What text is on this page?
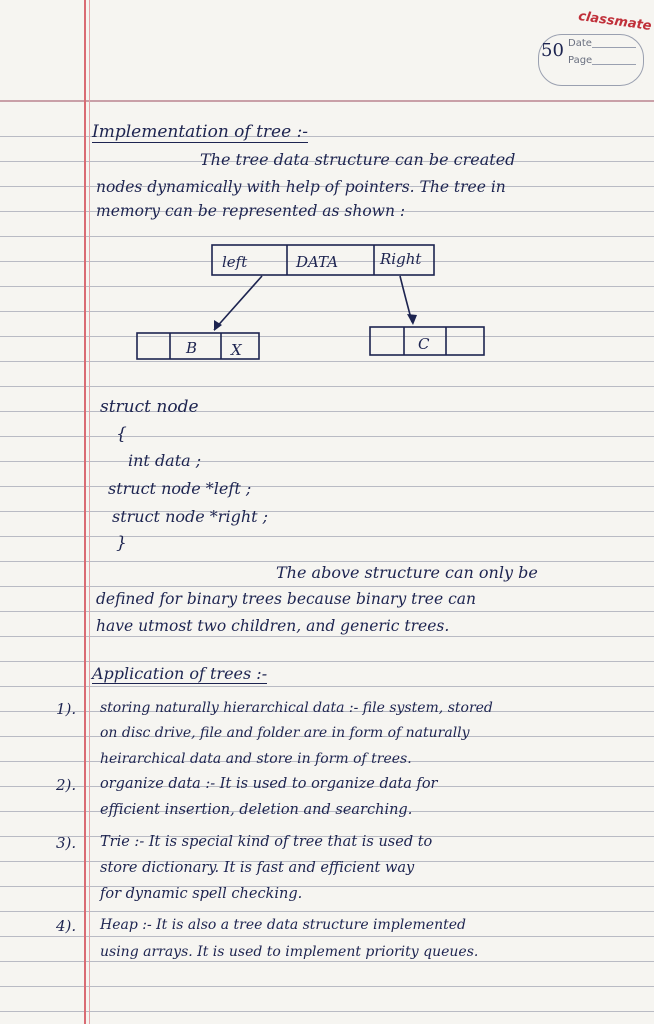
classmate
50 Date
Page
Implementation of tree :-
The tree data structure can be created
nodes dynamically with help of pointers. The tree in
memory can be represented as shown :
left	DATA	Right
B X	C
struct node
{
int data ;
struct node *left ;
struct node *right ;
}
The above structure can only be
defined for binary trees because binary tree can
have utmost two children, and generic trees.
Application of trees :-
1). storing naturally hierarchical data :- file system, stored
on disc drive, file and folder are in form of naturally
heirarchical data and store in form of trees.
2). organize data :- It is used to organize data for
efficient insertion, deletion and searching.
3). Trie :- It is special kind of tree that is used to
store dictionary. It is fast and efficient way
for dynamic spell checking.
4). Heap :- It is also a tree data structure implemented
using arrays. It is used to implement priority queues.
